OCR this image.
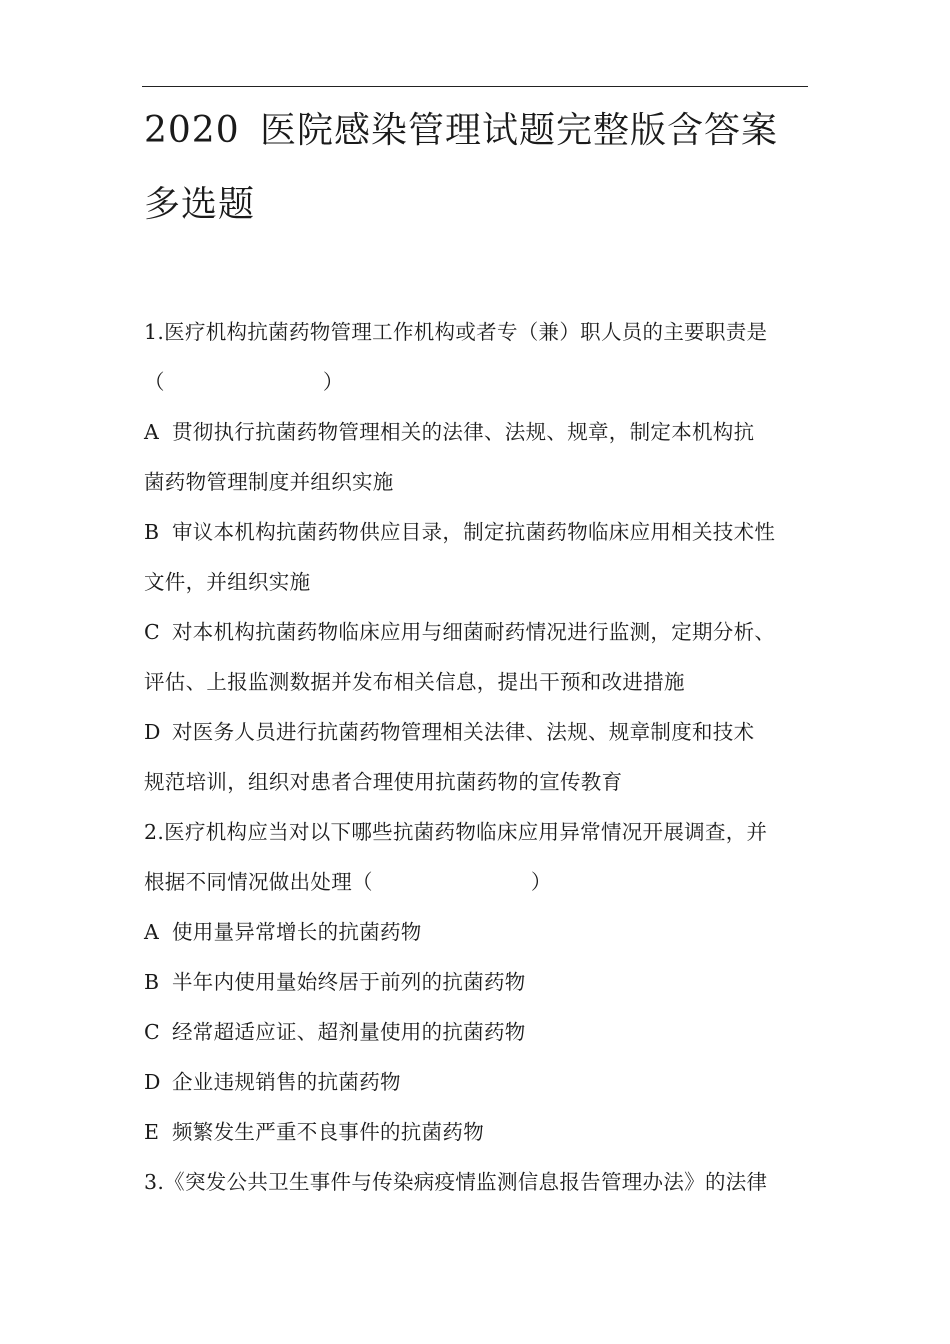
2020 医院感染管理试题完整版含答案
多选题
1.医疗机构抗菌药物管理工作机构或者专（兼）职人员的主要职责是
（	）
A 贯彻执行抗菌药物管理相关的法律、法规、规章，制定本机构抗
菌药物管理制度并组织实施
B 审议本机构抗菌药物供应目录，制定抗菌药物临床应用相关技术性
文件，并组织实施
C 对本机构抗菌药物临床应用与细菌耐药情况进行监测，定期分析、
评估、上报监测数据并发布相关信息，提出干预和改进措施
D 对医务人员进行抗菌药物管理相关法律、法规、规章制度和技术
规范培训，组织对患者合理使用抗菌药物的宣传教育
2.医疗机构应当对以下哪些抗菌药物临床应用异常情况开展调查，并
根据不同情况做出处理（	）
A 使用量异常增长的抗菌药物
B 半年内使用量始终居于前列的抗菌药物
C 经常超适应证、超剂量使用的抗菌药物
D 企业违规销售的抗菌药物
E 频繁发生严重不良事件的抗菌药物
3.《突发公共卫生事件与传染病疫情监测信息报告管理办法》的法律
